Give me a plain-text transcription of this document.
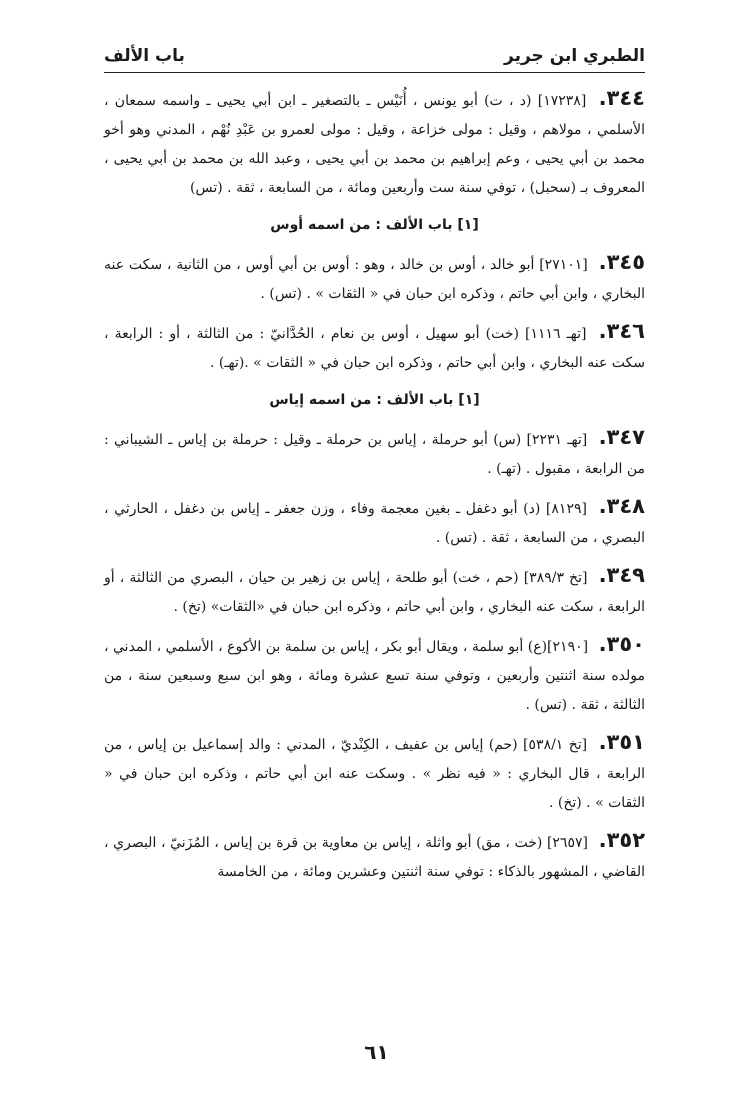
الطبري ابن جرير
باب الألف

٣٤٤. [١٧٢٣٨] (د ، ت) أبو يونس ، أُنَيْس ـ بالتصغير ـ ابن أبي يحيى ـ واسمه سمعان ، الأسلمي ، مولاهم ، وقيل : مولى خزاعة ، وقيل : مولى لعمرو بن عَبْدِ نُهْم ، المدني وهو أخو محمد بن أبي يحيى ، وعم إبراهيم بن محمد بن أبي يحيى ، وعبد الله بن محمد بن أبي يحيى ، المعروف بـ (سحبل) ، توفي سنة ست وأربعين ومائة ، من السابعة ، ثقة . (تس)

[١] باب الألف : من اسمه أوس

٣٤٥. [٢٧١٠١] أبو خالد ، أوس بن خالد ، وهو : أوس بن أبي أوس ، من الثانية ، سكت عنه البخاري ، وابن أبي حاتم ، وذكره ابن حبان في « الثقات » . (تس) .

٣٤٦. [تهـ ١١١٦] (خت) أبو سهيل ، أوس بن نعام ، الحُدَّانيّ : من الثالثة ، أو : الرابعة ، سكت عنه البخاري ، وابن أبي حاتم ، وذكره ابن حبان في « الثقات » .(تهـ) .

[١] باب الألف : من اسمه إياس

٣٤٧. [تهـ ٢٢٣١] (س) أبو حرملة ، إياس بن حرملة ـ وقيل : حرملة بن إياس ـ الشيباني : من الرابعة ، مقبول . (تهـ) .

٣٤٨. [٨١٢٩] (د) أبو دغفل ـ بغين معجمة وفاء ، وزن جعفر ـ إياس بن دغفل ، الحارثي ، البصري ، من السابعة ، ثقة . (تس) .

٣٤٩. [تخ ٣٨٩/٣] (حم ، خت) أبو طلحة ، إياس بن زهير بن حيان ، البصري من الثالثة ، أو الرابعة ، سكت عنه البخاري ، وابن أبي حاتم ، وذكره ابن حبان في «الثقات» (تخ) .

٣٥٠. [٢١٩٠](ع) أبو سلمة ، ويقال أبو بكر ، إياس بن سلمة بن الأكوع ، الأسلمي ، المدني ، مولده سنة اثنتين وأربعين ، وتوفي سنة تسع عشرة ومائة ، وهو ابن سبع وسبعين سنة ، من الثالثة ، ثقة . (تس) .

٣٥١. [تخ ٥٣٨/١] (حم) إياس بن عفيف ، الكِنْديّ ، المدني : والد إسماعيل بن إياس ، من الرابعة ، قال البخاري : « فيه نظر » . وسكت عنه ابن أبي حاتم ، وذكره ابن حبان في « الثقات » . (تخ) .

٣٥٢. [٢٦٥٧] (خت ، مق) أبو واثلة ، إياس بن معاوية بن قرة بن إياس ، المُزَنيّ ، البصري ، القاضي ، المشهور بالذكاء : توفي سنة اثنتين وعشرين ومائة ، من الخامسة

٦١
